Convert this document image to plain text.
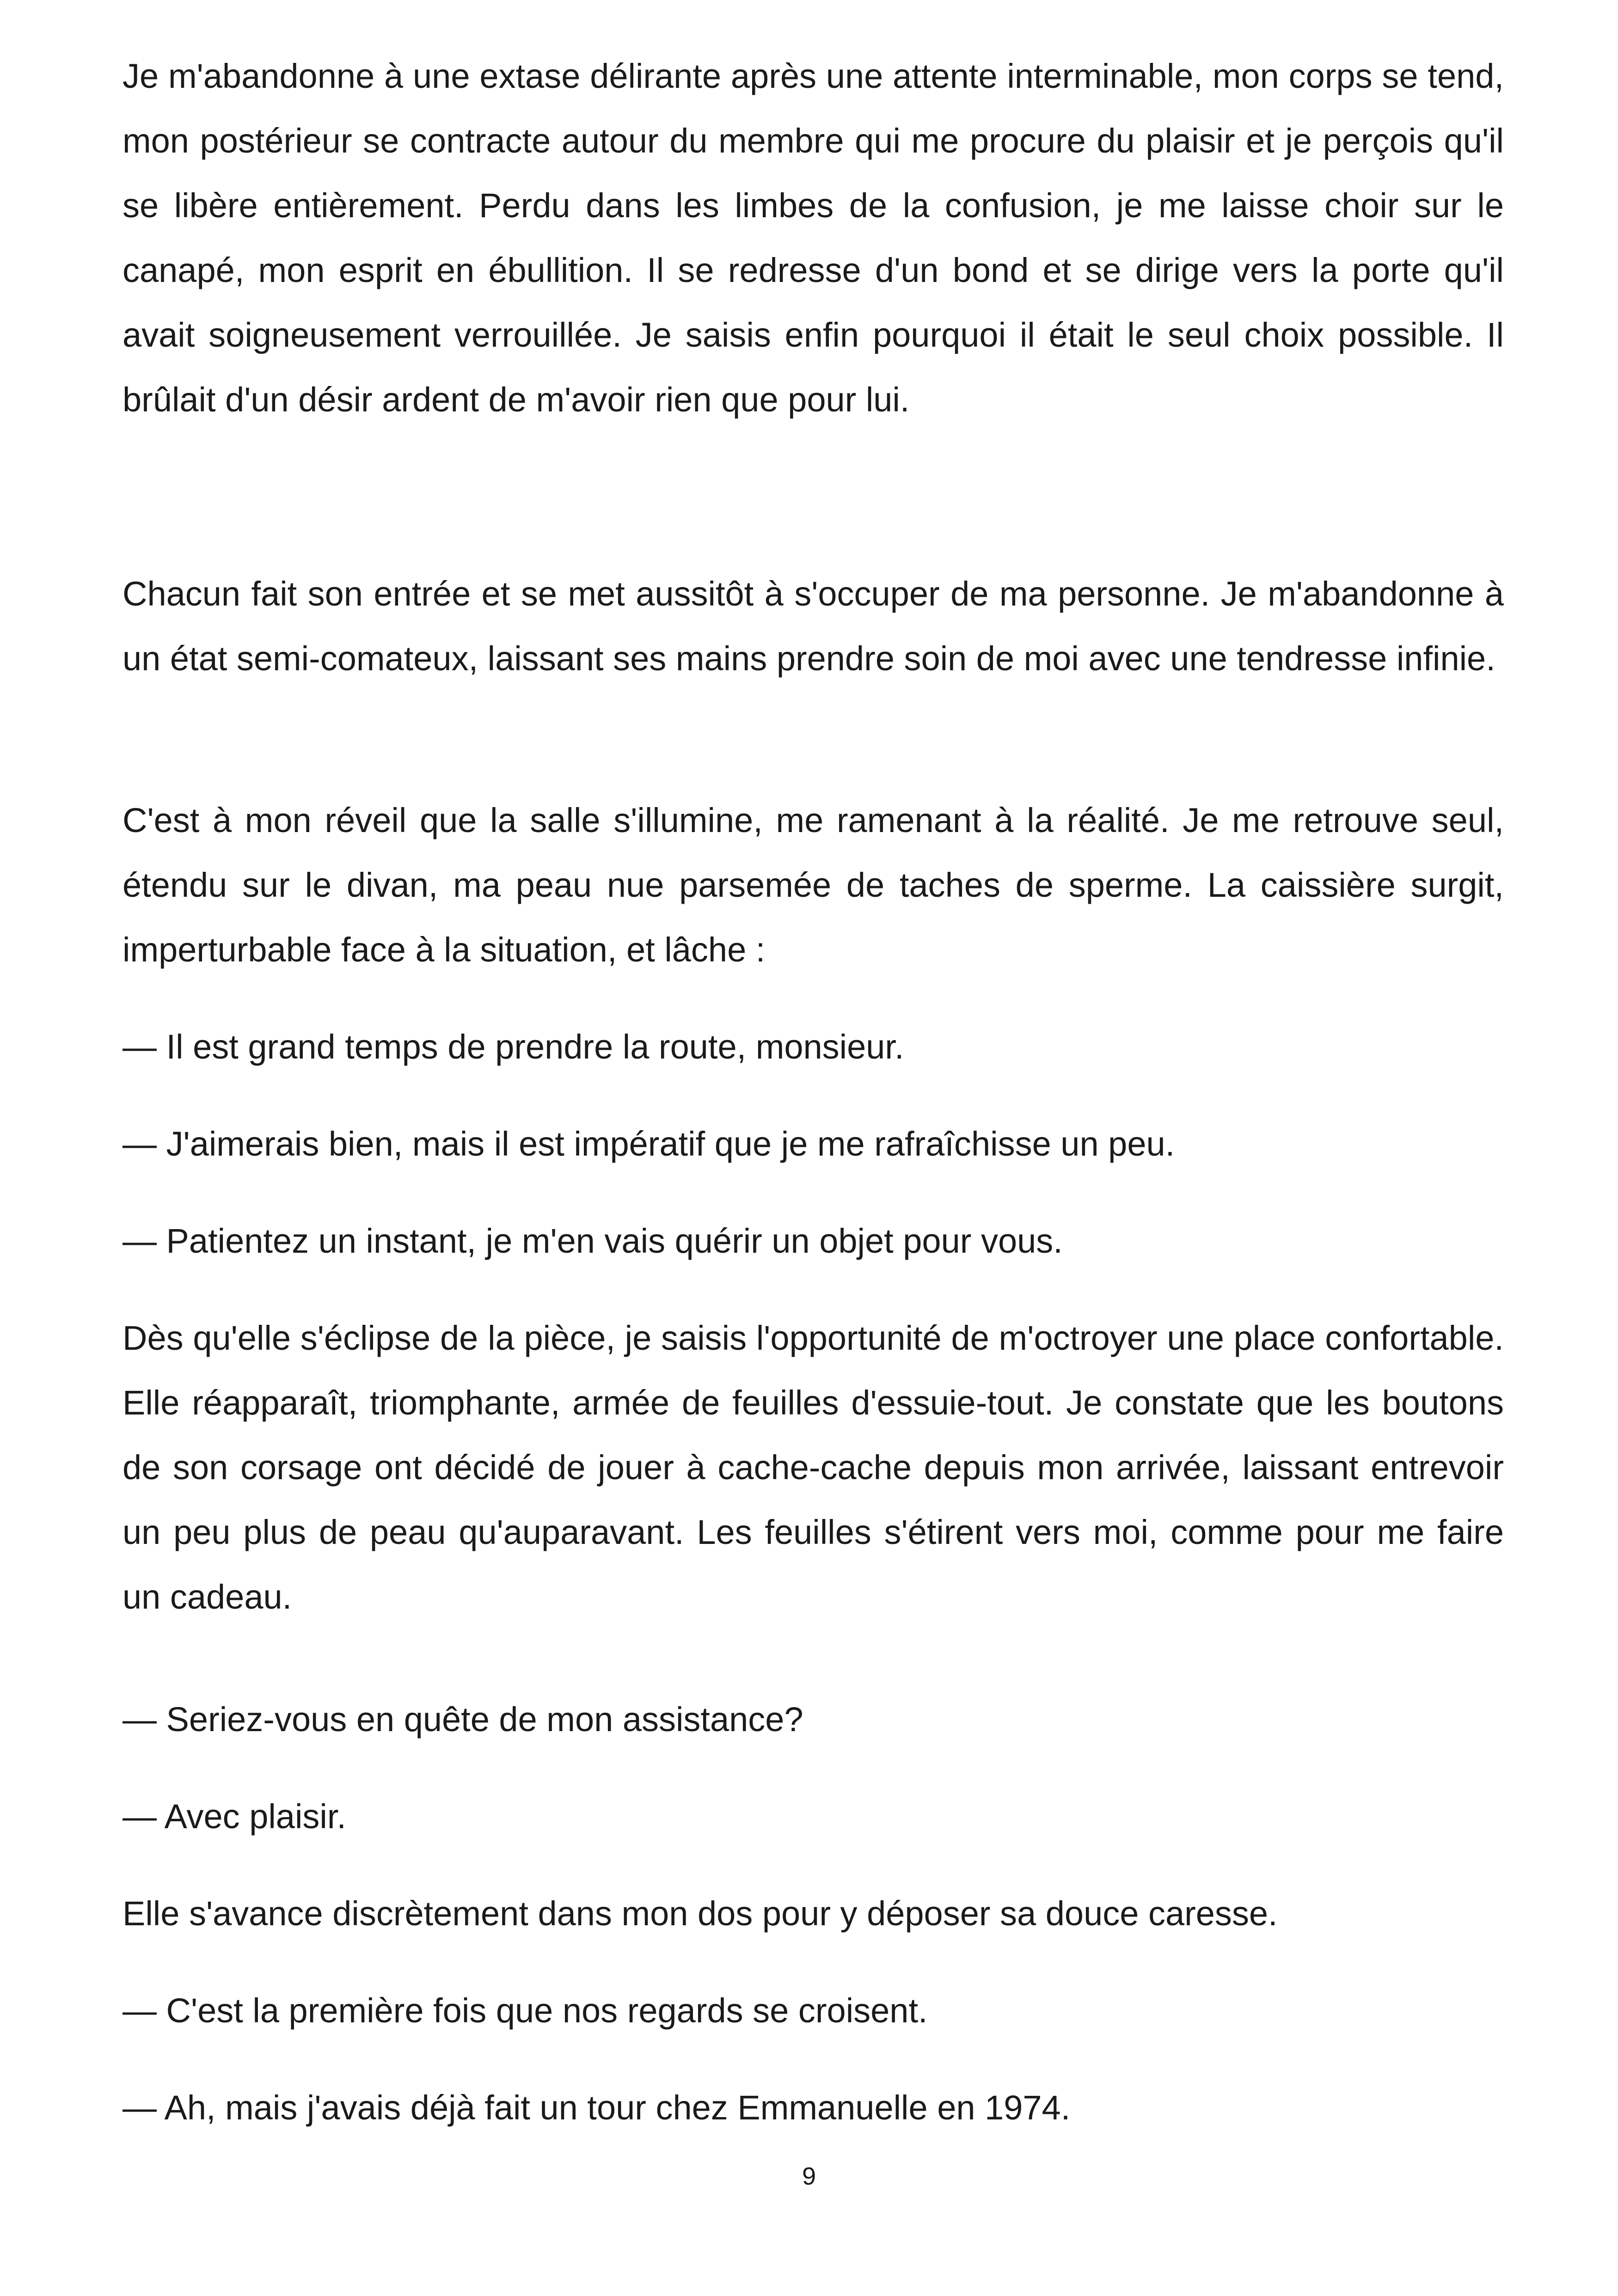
Je m'abandonne à une extase délirante après une attente interminable, mon corps se tend, mon postérieur se contracte autour du membre qui me procure du plaisir et je perçois qu'il se libère entièrement. Perdu dans les limbes de la confusion, je me laisse choir sur le canapé, mon esprit en ébullition. Il se redresse d'un bond et se dirige vers la porte qu'il avait soigneusement verrouillée. Je saisis enfin pourquoi il était le seul choix possible. Il brûlait d'un désir ardent de m'avoir rien que pour lui.

Chacun fait son entrée et se met aussitôt à s'occuper de ma personne. Je m'abandonne à un état semi-comateux, laissant ses mains prendre soin de moi avec une tendresse infinie.

C'est à mon réveil que la salle s'illumine, me ramenant à la réalité. Je me retrouve seul, étendu sur le divan, ma peau nue parsemée de taches de sperme. La caissière surgit, imperturbable face à la situation, et lâche :

— Il est grand temps de prendre la route, monsieur.

— J'aimerais bien, mais il est impératif que je me rafraîchisse un peu.

— Patientez un instant, je m'en vais quérir un objet pour vous.

Dès qu'elle s'éclipse de la pièce, je saisis l'opportunité de m'octroyer une place confortable. Elle réapparaît, triomphante, armée de feuilles d'essuie-tout. Je constate que les boutons de son corsage ont décidé de jouer à cache-cache depuis mon arrivée, laissant entrevoir un peu plus de peau qu'auparavant. Les feuilles s'étirent vers moi, comme pour me faire un cadeau.

— Seriez-vous en quête de mon assistance?

— Avec plaisir.

Elle s'avance discrètement dans mon dos pour y déposer sa douce caresse.

— C'est la première fois que nos regards se croisent.

— Ah, mais j'avais déjà fait un tour chez Emmanuelle en 1974.

9
